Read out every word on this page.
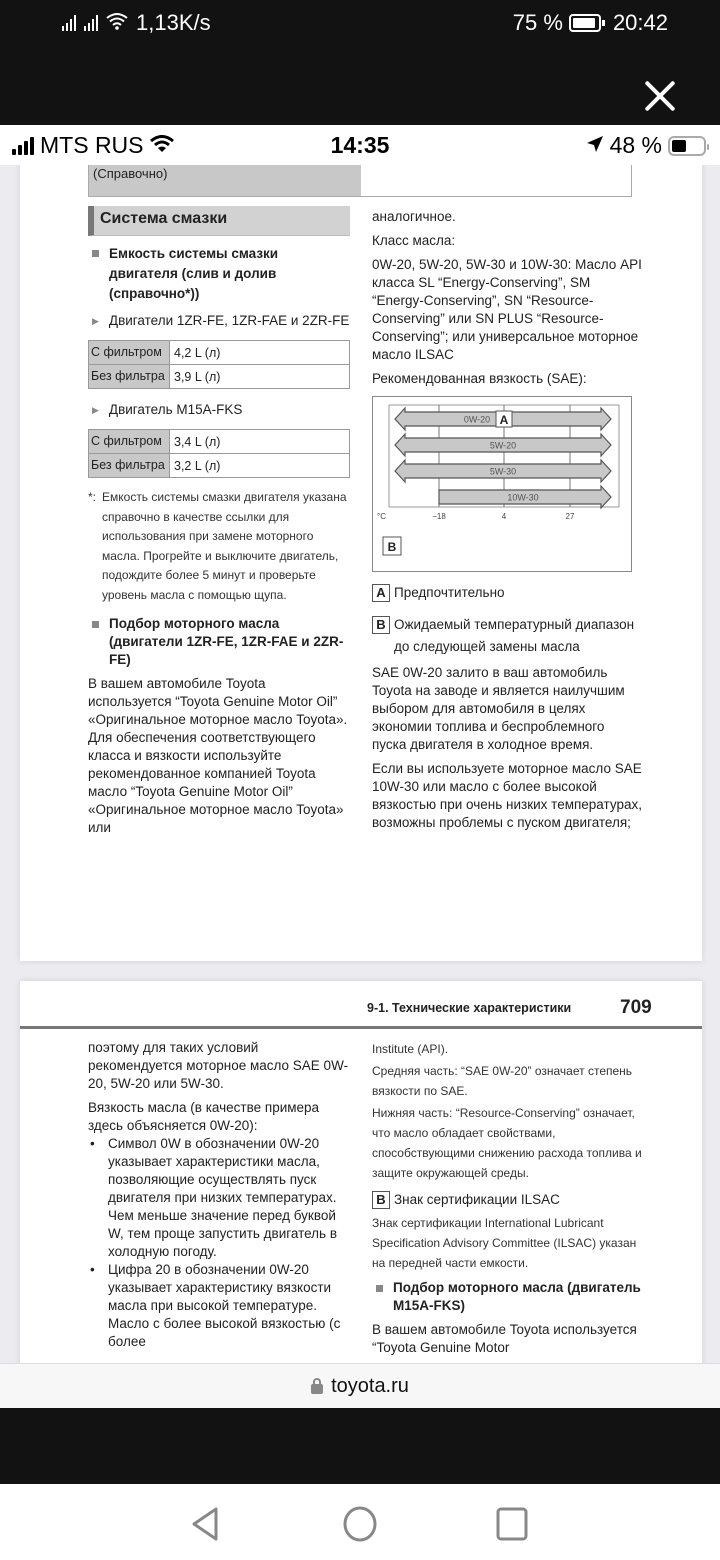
1,13K/s	75 % 20:42
MTS RUS	14:35	48 %
(Справочно)
Система смазки
Емкость системы смазки двигателя (слив и долив (справочно*))
▶ Двигатели 1ZR-FE, 1ZR-FAE и 2ZR-FE
С фильтром 4,2 L (л)
Без фильтра 3,9 L (л)
▶ Двигатель M15A-FKS
С фильтром 3,4 L (л)
Без фильтра 3,2 L (л)
*: Емкость системы смазки двигателя указана справочно в качестве ссылки для использования при замене моторного масла. Прогрейте и выключите двигатель, подождите более 5 минут и проверьте уровень масла с помощью щупа.
Подбор моторного масла (двигатели 1ZR-FE, 1ZR-FAE и 2ZR-FE)

В вашем автомобиле Toyota используется “Toyota Genuine Motor Oil” «Оригинальное моторное масло Toyota». Для обеспечения соответствующего класса и вязкости используйте рекомендованное компанией Toyota масло “Toyota Genuine Motor Oil” «Оригинальное моторное масло Toyota» или

аналогичное.

Класс масла:

0W-20, 5W-20, 5W-30 и 10W-30: Масло API класса SL “Energy-Conserving”, SM “Energy-Conserving”, SN “Resource-Conserving” или SN PLUS “Resource-Conserving”; или универсальное моторное масло ILSAC

Рекомендованная вязкость (SAE):

−18	4	27
°C
0W-20 A
5W-20
5W-30
10W-30
B
A Предпочтительно
B Ожидаемый температурный диапазон до следующей замены масла

SAE 0W-20 залито в ваш автомобиль Toyota на заводе и является наилучшим выбором для автомобиля в целях экономии топлива и беспроблемного пуска двигателя в холодное время.

Если вы используете моторное масло SAE 10W-30 или масло с более высокой вязкостью при очень низких температурах, возможны проблемы с пуском двигателя;

9-1. Технические характеристики	709

поэтому для таких условий рекомендуется моторное масло SAE 0W-20, 5W-20 или 5W-30.

Вязкость масла (в качестве примера здесь объясняется 0W-20):

• Символ 0W в обозначении 0W-20 указывает характеристики масла, позволяющие осуществлять пуск двигателя при низких температурах. Чем меньше значение перед буквой W, тем проще запустить двигатель в холодную погоду.
• Цифра 20 в обозначении 0W-20 указывает характеристику вязкости масла при высокой температуре. Масло с более высокой вязкостью (с более

Institute (API).

Средняя часть: “SAE 0W-20” означает степень вязкости по SAE.

Нижняя часть: “Resource-Conserving” означает, что масло обладает свойствами, способствующими снижению расхода топлива и защите окружающей среды.

B Знак сертификации ILSAC

Знак сертификации International Lubricant Specification Advisory Committee (ILSAC) указан на передней части емкости.

Подбор моторного масла (двигатель M15A-FKS)

В вашем автомобиле Toyota используется “Toyota Genuine Motor

toyota.ru
